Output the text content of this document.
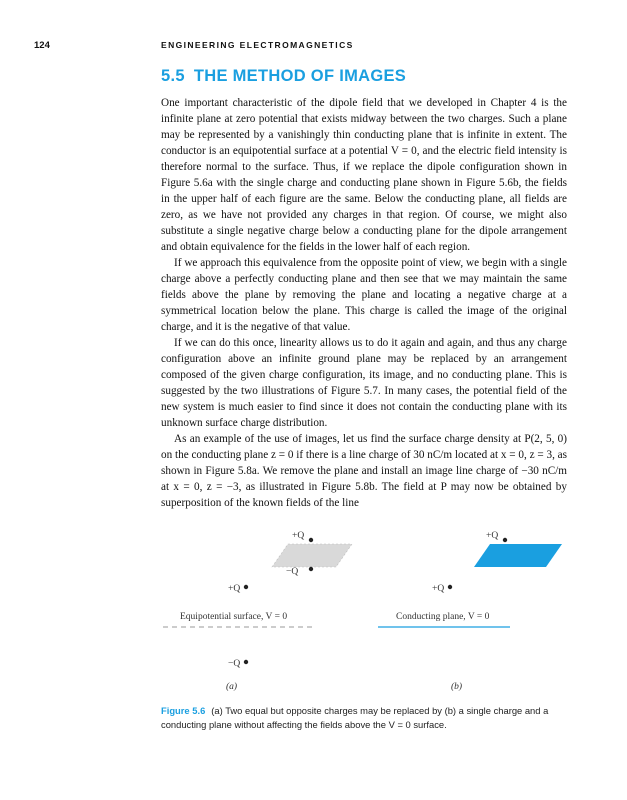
124	ENGINEERING ELECTROMAGNETICS
5.5 THE METHOD OF IMAGES

One important characteristic of the dipole field that we developed in Chapter 4 is the infinite plane at zero potential that exists midway between the two charges. Such a plane may be represented by a vanishingly thin conducting plane that is infinite in extent. The conductor is an equipotential surface at a potential V = 0, and the electric field intensity is therefore normal to the surface. Thus, if we replace the dipole configuration shown in Figure 5.6a with the single charge and conducting plane shown in Figure 5.6b, the fields in the upper half of each figure are the same. Below the conducting plane, all fields are zero, as we have not provided any charges in that region. Of course, we might also substitute a single negative charge below a conducting plane for the dipole arrangement and obtain equivalence for the fields in the lower half of each region.

If we approach this equivalence from the opposite point of view, we begin with a single charge above a perfectly conducting plane and then see that we may maintain the same fields above the plane by removing the plane and locating a negative charge at a symmetrical location below the plane. This charge is called the image of the original charge, and it is the negative of that value.

If we can do this once, linearity allows us to do it again and again, and thus any charge configuration above an infinite ground plane may be replaced by an arrangement composed of the given charge configuration, its image, and no conducting plane. This is suggested by the two illustrations of Figure 5.7. In many cases, the potential field of the new system is much easier to find since it does not contain the conducting plane with its unknown surface charge distribution.

As an example of the use of images, let us find the surface charge density at P(2, 5, 0) on the conducting plane z = 0 if there is a line charge of 30 nC/m located at x = 0, z = 3, as shown in Figure 5.8a. We remove the plane and install an image line charge of −30 nC/m at x = 0, z = −3, as illustrated in Figure 5.8b. The field at P may now be obtained by superposition of the known fields of the line

+Q
−Q
+Q
+Q
Equipotential surface, V = 0
−Q
(a)
+Q
Conducting plane, V = 0
(b)
Figure 5.6 (a) Two equal but opposite charges may be replaced by (b) a single charge and a conducting plane without affecting the fields above the V = 0 surface.
